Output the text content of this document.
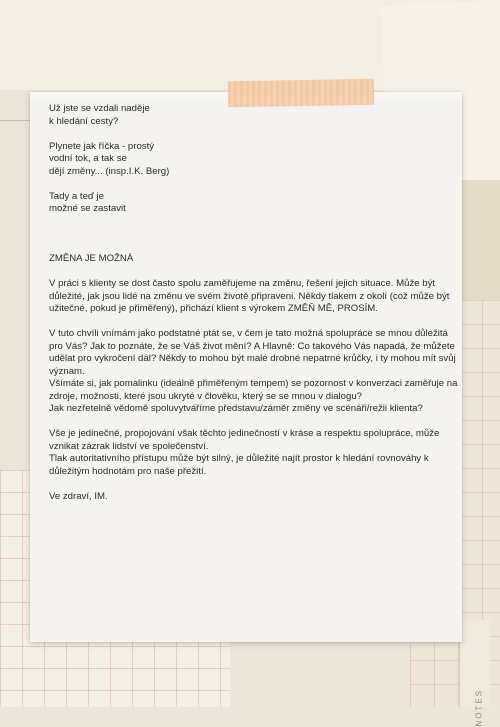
NOTES

Už jste se vzdali naděje
k hledání cesty?

Plynete jak říčka - prostý
vodní tok, a tak se
dějí změny... (insp.I.K. Berg)

Tady a teď je
možné se zastavit

ZMĚNA JE MOŽNÁ

V práci s klienty se dost často spolu zaměřujeme na změnu, řešení jejich situace. Může být
důležité, jak jsou lidé na změnu ve svém životě připraveni. Někdy tlakem z okolí (což může být
užitečné, pokud je přiměřený), přichází klient s výrokem ZMĚŇ MĚ, PROSÍM.

V tuto chvíli vnímám jako podstatné ptát se, v čem je tato možná spolupráce se mnou důležitá
pro Vás? Jak to poznáte, že se Váš život mění? A Hlavně: Co takového Vás napadá, že můžete
udělat pro vykročení dál? Někdy to mohou být malé drobné nepatrné krůčky, i ty mohou mít svůj
význam.
Všímáte si, jak pomalinku (ideálně přiměřeným tempem) se pozornost v konverzaci zaměřuje na
zdroje, možnosti, které jsou ukryté v člověku, který se se mnou v dialogu?
Jak nezřetelně vědomě spoluvytváříme představu/záměr změny ve scénáři/režii klienta?

Vše je jedinečné, propojování však těchto jedinečností v kráse a respektu spolupráce, může
vznikat zázrak lidství ve společenství.
Tlak autoritativního přístupu může být silný, je důležité najít prostor k hledání rovnováhy k
důležitým hodnotám pro naše přežití.

Ve zdraví, IM.
